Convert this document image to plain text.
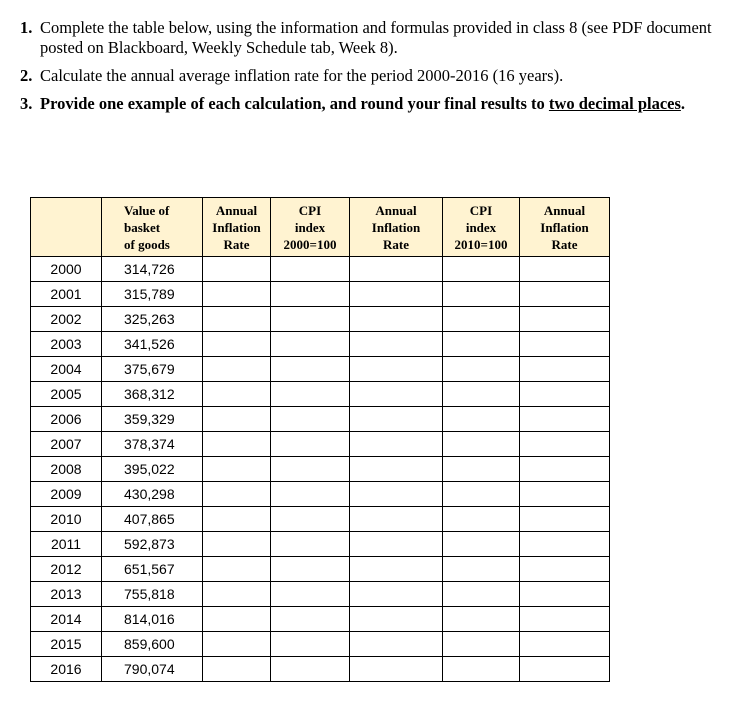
1. Complete the table below, using the information and formulas provided in class 8 (see PDF document posted on Blackboard, Weekly Schedule tab, Week 8).
2. Calculate the annual average inflation rate for the period 2000-2016 (16 years).
3. Provide one example of each calculation, and round your final results to two decimal places.

	Value of
basket
of goods	Annual
Inflation
Rate	CPI
index
2000=100	Annual
Inflation
Rate	CPI
index
2010=100	Annual
Inflation
Rate

2000	314,726					
2001	315,789					
2002	325,263					
2003	341,526					
2004	375,679					
2005	368,312					
2006	359,329					
2007	378,374					
2008	395,022					
2009	430,298					
2010	407,865					
2011	592,873					
2012	651,567					
2013	755,818					
2014	814,016					
2015	859,600					
2016	790,074					
